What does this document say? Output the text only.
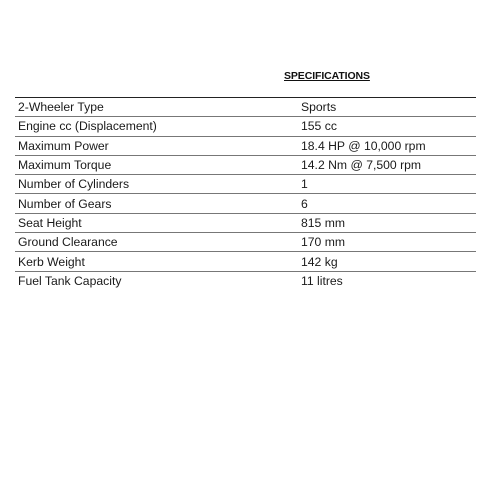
SPECIFICATIONS
2-Wheeler Type	Sports
Engine cc (Displacement)	155 cc
Maximum Power	18.4 HP @ 10,000 rpm
Maximum Torque	14.2 Nm @ 7,500 rpm
Number of Cylinders	1
Number of Gears	6
Seat Height	815 mm
Ground Clearance	170 mm
Kerb Weight	142 kg
Fuel Tank Capacity	11 litres
